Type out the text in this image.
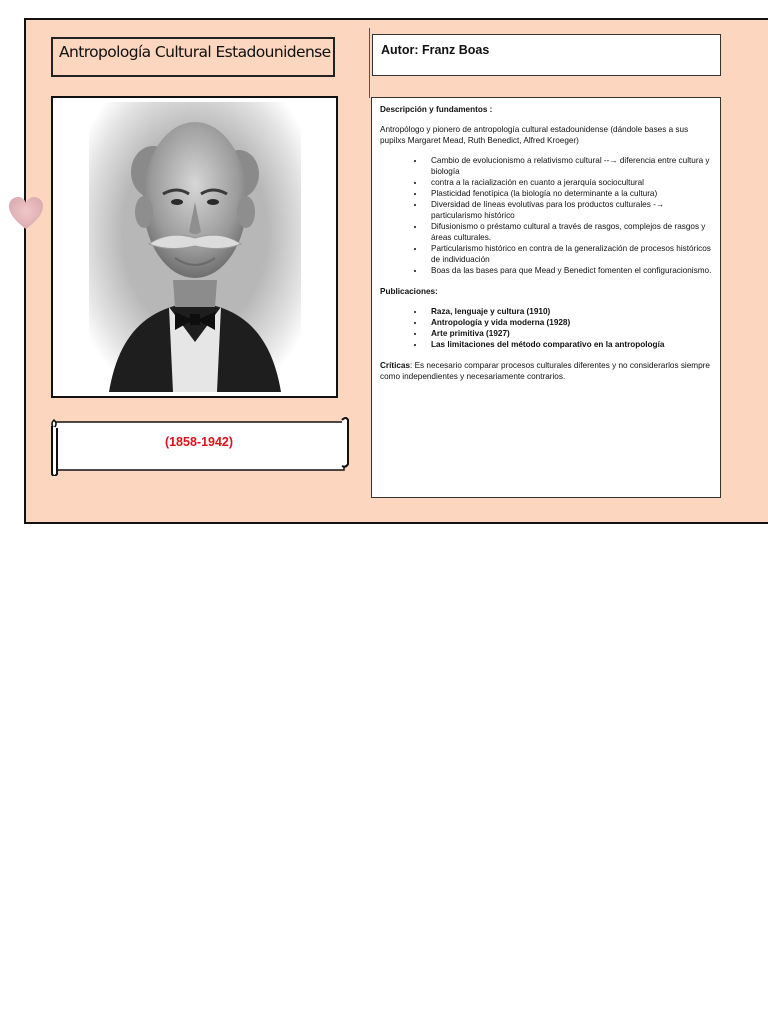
Antropología Cultural Estadounidense	Autor: Franz Boas
(1858-1942)

Descripción y fundamentos :

Antropólogo y pionero de antropología cultural estadounidense (dándole bases a sus pupilxs Margaret Mead, Ruth Benedict, Alfred Kroeger)

• Cambio de evolucionismo a relativismo cultural --→ diferencia entre cultura y biología
• contra a la racialización en cuanto a jerarquía sociocultural
• Plasticidad fenotípica (la biología no determinante a la cultura)
• Diversidad de líneas evolutivas para los productos culturales -→ particularismo histórico
• Difusionismo o préstamo cultural a través de rasgos, complejos de rasgos y áreas culturales.
• Particularismo histórico en contra de la generalización de procesos históricos de individuación
• Boas da las bases para que Mead y Benedict fomenten el configuracionismo.

Publicaciones:

• Raza, lenguaje y cultura (1910)
• Antropología y vida moderna (1928)
• Arte primitiva (1927)
• Las limitaciones del método comparativo en la antropología

Críticas: Es necesario comparar procesos culturales diferentes y no considerarlos siempre como independientes y necesariamente contrarios.
